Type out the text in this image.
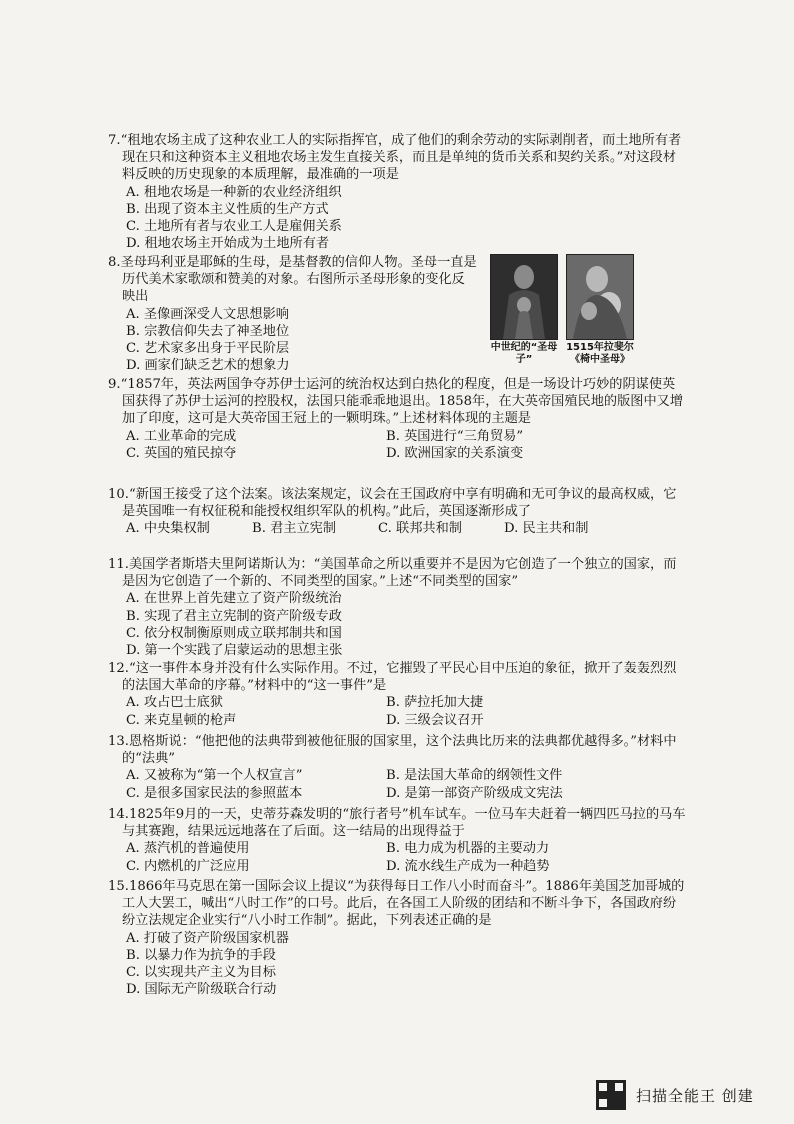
7.“租地农场主成了这种农业工人的实际指挥官，成了他们的剩余劳动的实际剥削者，而土地所有者现在只和这种资本主义租地农场主发生直接关系，而且是单纯的货币关系和契约关系。”对这段材料反映的历史现象的本质理解，最准确的一项是

A. 租地农场是一种新的农业经济组织

B. 出现了资本主义性质的生产方式

C. 土地所有者与农业工人是雇佣关系

D. 租地农场主开始成为土地所有者

8.圣母玛利亚是耶稣的生母，是基督教的信仰人物。圣母一直是历代美术家歌颂和赞美的对象。右图所示圣母形象的变化反映出

A. 圣像画深受人文思想影响

B. 宗教信仰失去了神圣地位

C. 艺术家多出身于平民阶层

D. 画家们缺乏艺术的想象力

中世纪的“圣母子”
1515年拉斐尔《椅中圣母》

9.“1857年，英法两国争夺苏伊士运河的统治权达到白热化的程度，但是一场设计巧妙的阴谋使英国获得了苏伊士运河的控股权，法国只能乖乖地退出。1858年，在大英帝国殖民地的版图中又增加了印度，这可是大英帝国王冠上的一颗明珠。”上述材料体现的主题是

A. 工业革命的完成	B. 英国进行“三角贸易”
C. 英国的殖民掠夺	D. 欧洲国家的关系演变

10.“新国王接受了这个法案。该法案规定，议会在王国政府中享有明确和无可争议的最高权威，它是英国唯一有权征税和能授权组织军队的机构。”此后，英国逐渐形成了

A. 中央集权制	B. 君主立宪制	C. 联邦共和制	D. 民主共和制

11.美国学者斯塔夫里阿诺斯认为：“美国革命之所以重要并不是因为它创造了一个独立的国家，而是因为它创造了一个新的、不同类型的国家。”上述“不同类型的国家”

A. 在世界上首先建立了资产阶级统治

B. 实现了君主立宪制的资产阶级专政

C. 依分权制衡原则成立联邦制共和国

D. 第一个实践了启蒙运动的思想主张

12.“这一事件本身并没有什么实际作用。不过，它摧毁了平民心目中压迫的象征，掀开了轰轰烈烈的法国大革命的序幕。”材料中的“这一事件”是

A. 攻占巴士底狱	B. 萨拉托加大捷
C. 来克星顿的枪声	D. 三级会议召开

13.恩格斯说：“他把他的法典带到被他征服的国家里，这个法典比历来的法典都优越得多。”材料中的“法典”

A. 又被称为“第一个人权宣言”	B. 是法国大革命的纲领性文件
C. 是很多国家民法的参照蓝本	D. 是第一部资产阶级成文宪法

14.1825年9月的一天，史蒂芬森发明的“旅行者号”机车试车。一位马车夫赶着一辆四匹马拉的马车与其赛跑，结果远远地落在了后面。这一结局的出现得益于

A. 蒸汽机的普遍使用	B. 电力成为机器的主要动力
C. 内燃机的广泛应用	D. 流水线生产成为一种趋势

15.1866年马克思在第一国际会议上提议“为获得每日工作八小时而奋斗”。1886年美国芝加哥城的工人大罢工，喊出“八时工作”的口号。此后，在各国工人阶级的团结和不断斗争下，各国政府纷纷立法规定企业实行“八小时工作制”。据此，下列表述正确的是

A. 打破了资产阶级国家机器

B. 以暴力作为抗争的手段

C. 以实现共产主义为目标

D. 国际无产阶级联合行动

扫描全能王 创建
